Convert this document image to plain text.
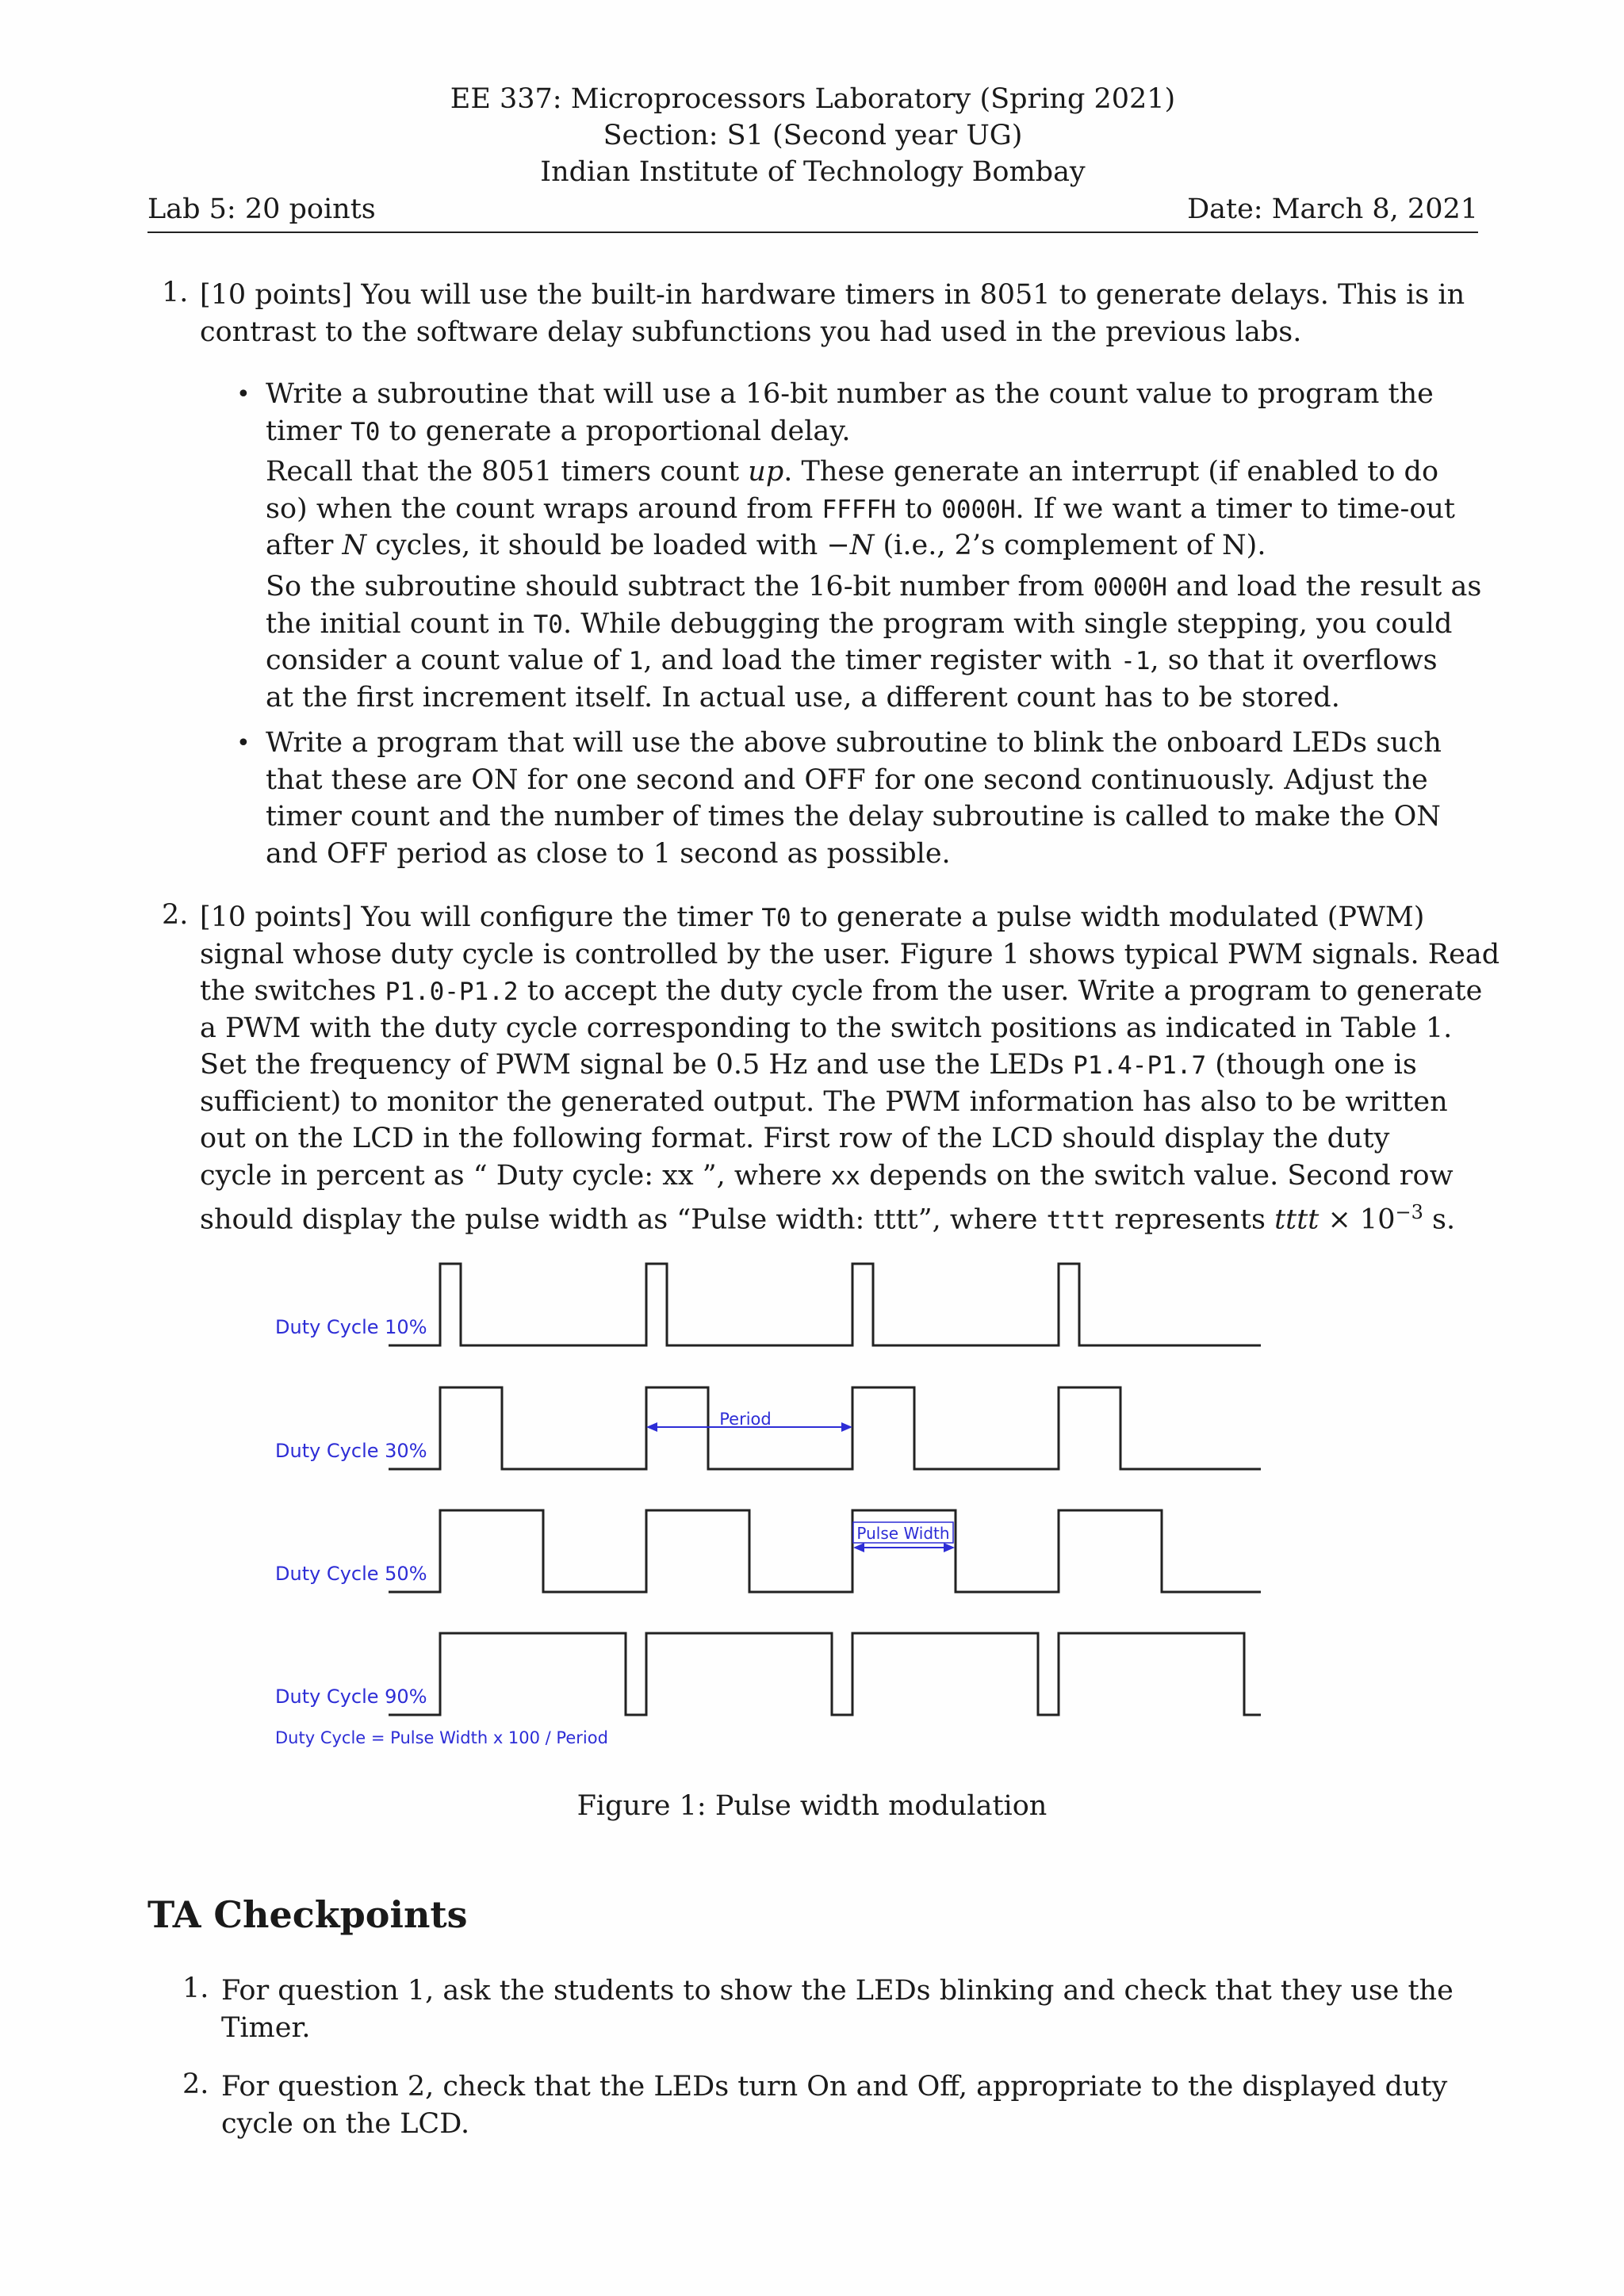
EE 337: Microprocessors Laboratory (Spring 2021)
Section: S1 (Second year UG)
Indian Institute of Technology Bombay
Lab 5: 20 points	Date: March 8, 2021
1. [10 points] You will use the built-in hardware timers in 8051 to generate delays. This is in
contrast to the software delay subfunctions you had used in the previous labs.
• Write a subroutine that will use a 16-bit number as the count value to program the
timer T0 to generate a proportional delay.
Recall that the 8051 timers count up. These generate an interrupt (if enabled to do
so) when the count wraps around from FFFFH to 0000H. If we want a timer to time-out
after N cycles, it should be loaded with −N (i.e., 2’s complement of N).
So the subroutine should subtract the 16-bit number from 0000H and load the result as
the initial count in T0. While debugging the program with single stepping, you could
consider a count value of 1, and load the timer register with -1, so that it overflows
at the first increment itself. In actual use, a different count has to be stored.
• Write a program that will use the above subroutine to blink the onboard LEDs such
that these are ON for one second and OFF for one second continuously. Adjust the
timer count and the number of times the delay subroutine is called to make the ON
and OFF period as close to 1 second as possible.
2. [10 points] You will configure the timer T0 to generate a pulse width modulated (PWM)
signal whose duty cycle is controlled by the user. Figure 1 shows typical PWM signals. Read
the switches P1.0-P1.2 to accept the duty cycle from the user. Write a program to generate
a PWM with the duty cycle corresponding to the switch positions as indicated in Table 1.
Set the frequency of PWM signal be 0.5 Hz and use the LEDs P1.4-P1.7 (though one is
sufficient) to monitor the generated output. The PWM information has also to be written
out on the LCD in the following format. First row of the LCD should display the duty
cycle in percent as “ Duty cycle: xx ”, where xx depends on the switch value. Second row
should display the pulse width as “Pulse width: tttt”, where tttt represents tttt × $10^{-3}$ s.
Duty Cycle 10%
Duty Cycle 30%
Duty Cycle 50%
Duty Cycle 90%
Period
Pulse Width
Duty Cycle = Pulse Width x 100 / Period
Figure 1: Pulse width modulation
TA Checkpoints
1. For question 1, ask the students to show the LEDs blinking and check that they use the
Timer.
2. For question 2, check that the LEDs turn On and Off, appropriate to the displayed duty
cycle on the LCD.
